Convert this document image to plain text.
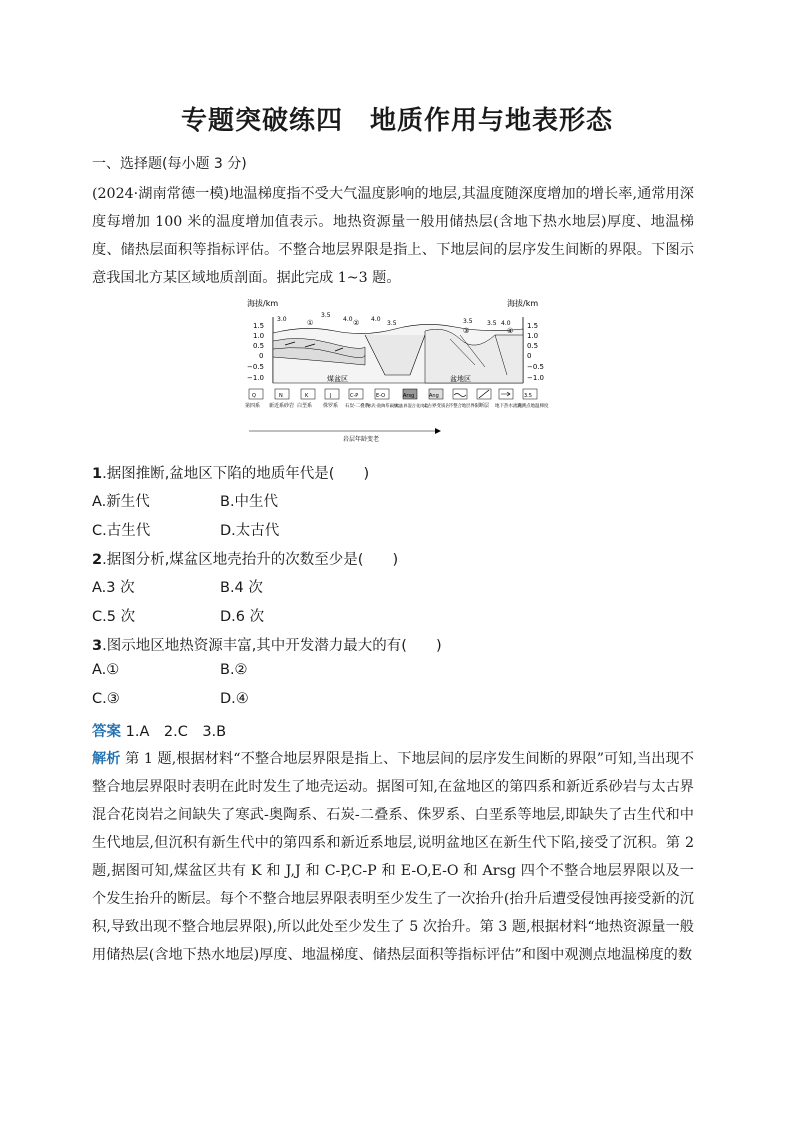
专题突破练四　地质作用与地表形态
一、选择题(每小题 3 分)
(2024·湖南常德一模)地温梯度指不受大气温度影响的地层,其温度随深度增加的增长率,通常用深度每增加 100 米的温度增加值表示。地热资源量一般用储热层(含地下热水地层)厚度、地温梯度、储热层面积等指标评估。不整合地层界限是指上、下地层间的层序发生间断的界限。下图示意我国北方某区域地质剖面。据此完成 1~3 题。
海拔/km	海拔/km
1.5
1.0
0.5
0
−0.5
−1.0
1.5
1.0
0.5
0
−0.5
−1.0
①	②
③	④
3.0
3.5
4.0	4.0
3.5	3.5 3.5 4.0
煤盆区	盆地区
Q
第四系
N
新近系砂岩
K
白垩系
J
侏罗系
C-P
石炭-二叠系
E-O
寒武-奥陶系碳酸岩
Arsg
太古界混合花岗岩
Ang
太古界变质岩 不整合地层界限 断层 地下热水流向
3.5
观测点地温梯度
岩层年龄变老
1.据图推断,盆地区下陷的地质年代是(　　)
A.新生代	B.中生代
C.古生代	D.太古代
2.据图分析,煤盆区地壳抬升的次数至少是(　　)
A.3 次	B.4 次
C.5 次	D.6 次
3.图示地区地热资源丰富,其中开发潜力最大的有(　　)
A.①	B.②
C.③	D.④
答案 1.A　2.C　3.B
解析 第 1 题,根据材料“不整合地层界限是指上、下地层间的层序发生间断的界限”可知,当出现不整合地层界限时表明在此时发生了地壳运动。据图可知,在盆地区的第四系和新近系砂岩与太古界混合花岗岩之间缺失了寒武-奥陶系、石炭-二叠系、侏罗系、白垩系等地层,即缺失了古生代和中生代地层,但沉积有新生代中的第四系和新近系地层,说明盆地区在新生代下陷,接受了沉积。第 2 题,据图可知,煤盆区共有 K 和 J,J 和 C-P,C-P 和 E-O,E-O 和 Arsg 四个不整合地层界限以及一个发生抬升的断层。每个不整合地层界限表明至少发生了一次抬升(抬升后遭受侵蚀再接受新的沉积,导致出现不整合地层界限),所以此处至少发生了 5 次抬升。第 3 题,根据材料“地热资源量一般用储热层(含地下热水地层)厚度、地温梯度、储热层面积等指标评估”和图中观测点地温梯度的数
